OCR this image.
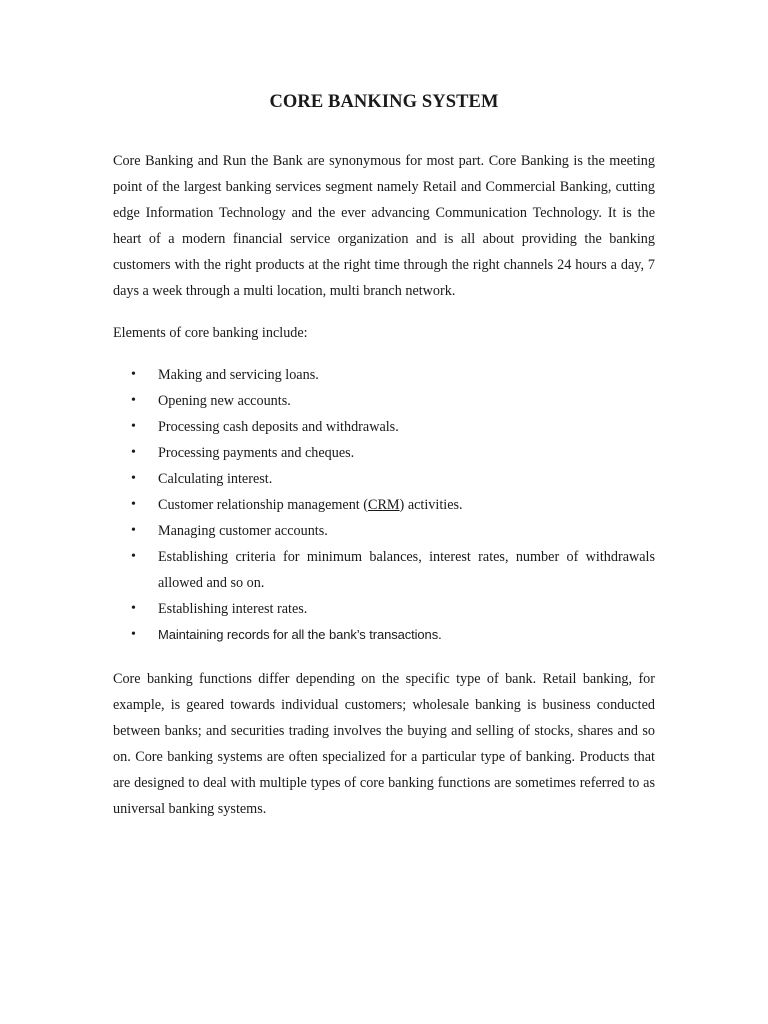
CORE BANKING SYSTEM

Core Banking and Run the Bank are synonymous for most part. Core Banking is the meeting point of the largest banking services segment namely Retail and Commercial Banking, cutting edge Information Technology and the ever advancing Communication Technology. It is the heart of a modern financial service organization and is all about providing the banking customers with the right products at the right time through the right channels 24 hours a day, 7 days a week through a multi location, multi branch network.

Elements of core banking include:

• Making and servicing loans.
• Opening new accounts.
• Processing cash deposits and withdrawals.
• Processing payments and cheques.
• Calculating interest.
• Customer relationship management (CRM) activities.
• Managing customer accounts.
• Establishing criteria for minimum balances, interest rates, number of withdrawals allowed and so on.
• Establishing interest rates.
• Maintaining records for all the bank’s transactions.

Core banking functions differ depending on the specific type of bank. Retail banking, for example, is geared towards individual customers; wholesale banking is business conducted between banks; and securities trading involves the buying and selling of stocks, shares and so on. Core banking systems are often specialized for a particular type of banking. Products that are designed to deal with multiple types of core banking functions are sometimes referred to as universal banking systems.
